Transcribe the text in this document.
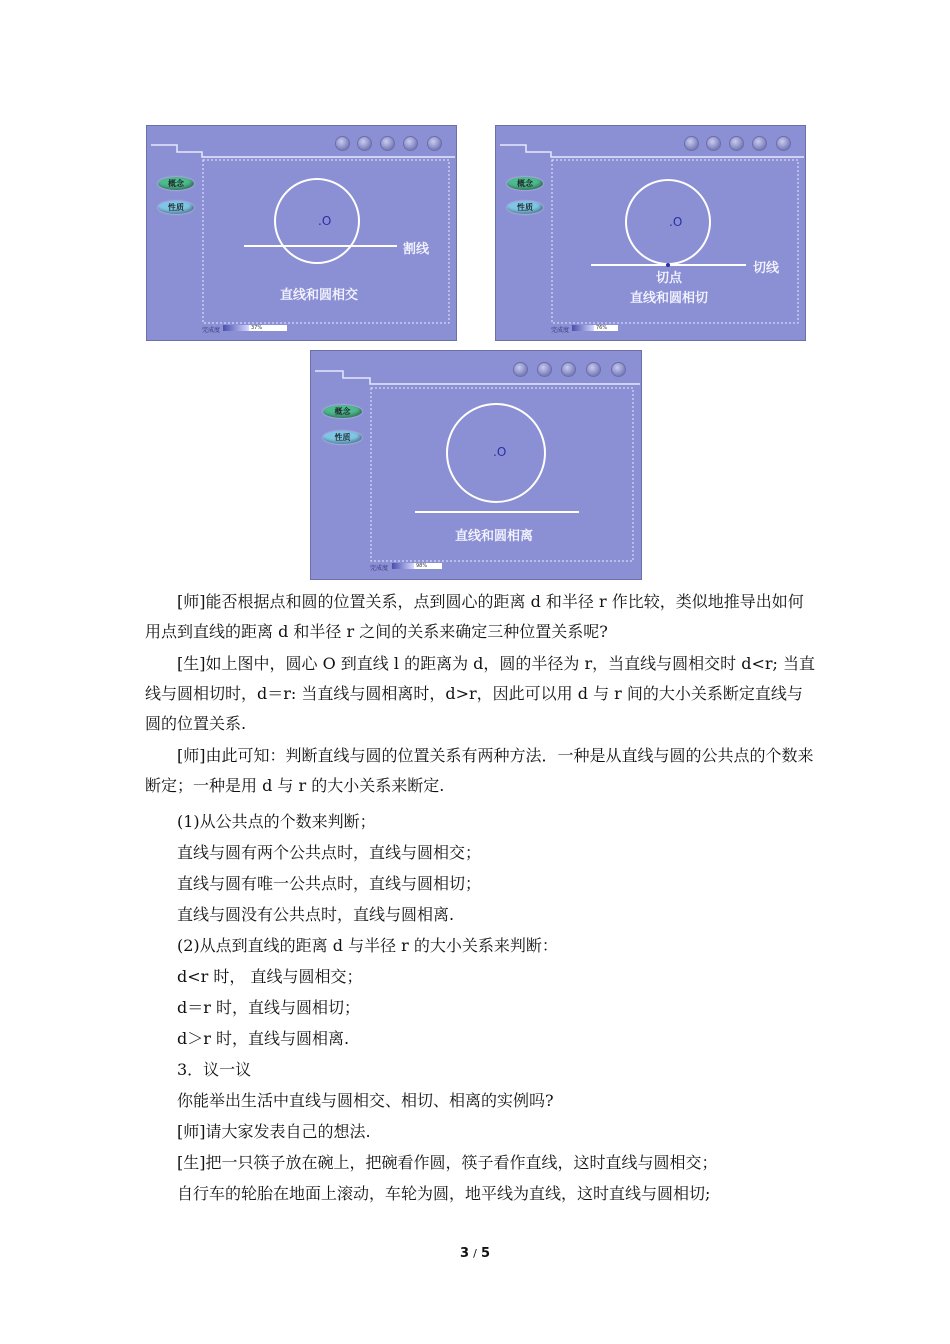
概念
性质
.O
割线
直线和圆相交
完成度	37%
概念
性质
.O
切线
切点
直线和圆相切
完成度	76%
概念
性质
.O
直线和圆相离
完成度	98%

[师]能否根据点和圆的位置关系，点到圆心的距离 d 和半径 r 作比较，类似地推导出如何用点到直线的距离 d 和半径 r 之间的关系来确定三种位置关系呢?

[生]如上图中，圆心 O 到直线 l 的距离为 d，圆的半径为 r，当直线与圆相交时 d<r; 当直线与圆相切时，d＝r: 当直线与圆相离时，d>r，因此可以用 d 与 r 间的大小关系断定直线与圆的位置关系.

[师]由此可知：判断直线与圆的位置关系有两种方法．一种是从直线与圆的公共点的个数来断定；一种是用 d 与 r 的大小关系来断定.

(1)从公共点的个数来判断；

直线与圆有两个公共点时，直线与圆相交；

直线与圆有唯一公共点时，直线与圆相切；

直线与圆没有公共点时，直线与圆相离.

(2)从点到直线的距离 d 与半径 r 的大小关系来判断：

d<r 时， 直线与圆相交；

d＝r 时，直线与圆相切；

d＞r 时，直线与圆相离.

3．议一议

你能举出生活中直线与圆相交、相切、相离的实例吗?

[师]请大家发表自己的想法.

[生]把一只筷子放在碗上，把碗看作圆，筷子看作直线，这时直线与圆相交；

自行车的轮胎在地面上滚动，车轮为圆，地平线为直线，这时直线与圆相切;

3 / 5
